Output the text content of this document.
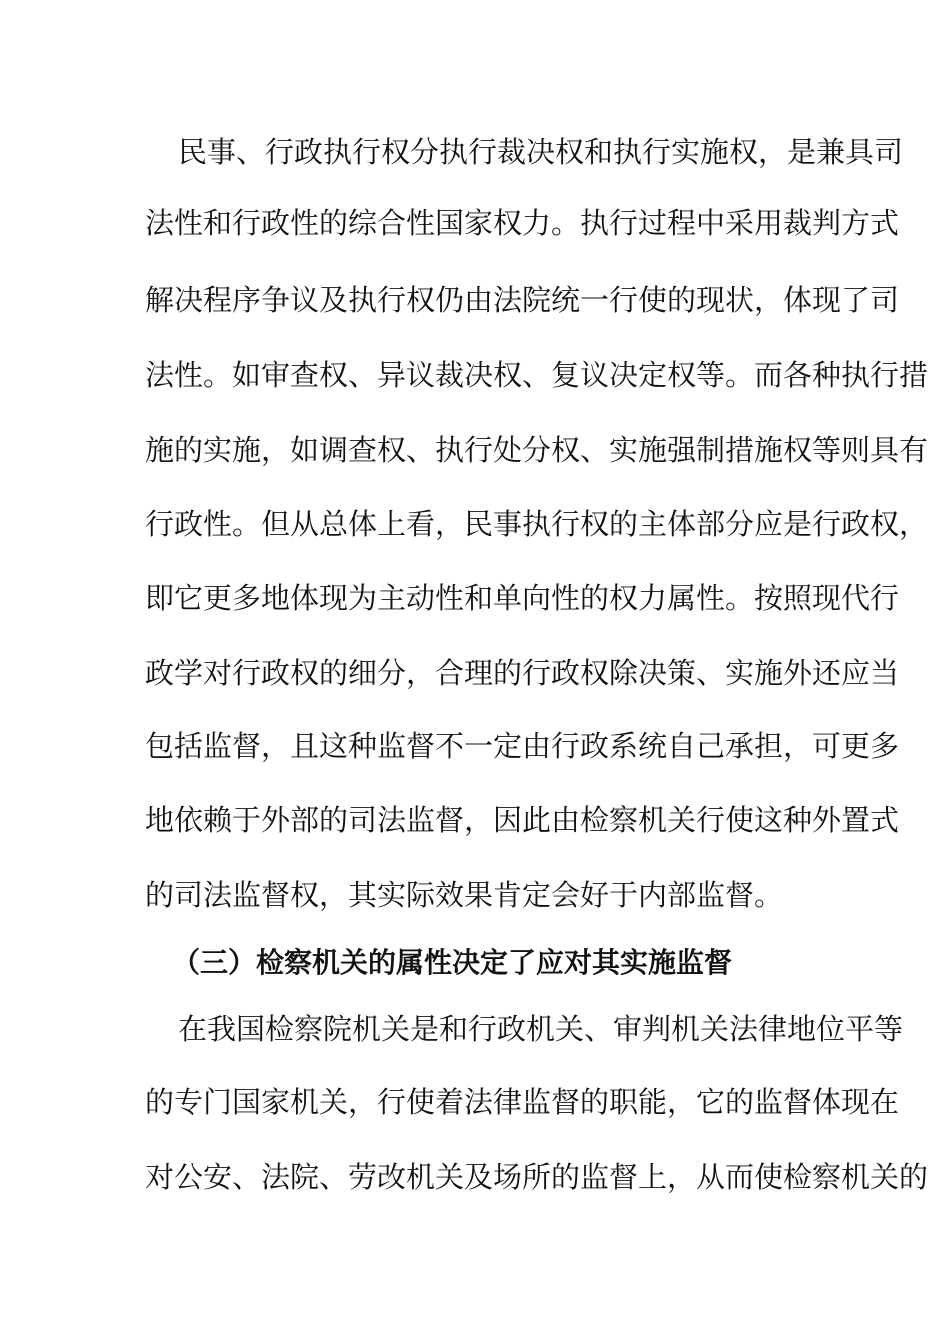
民事、行政执行权分执行裁决权和执行实施权，是兼具司
法性和行政性的综合性国家权力。执行过程中采用裁判方式
解决程序争议及执行权仍由法院统一行使的现状，体现了司
法性。如审查权、异议裁决权、复议决定权等。而各种执行措
施的实施，如调查权、执行处分权、实施强制措施权等则具有
行政性。但从总体上看，民事执行权的主体部分应是行政权，
即它更多地体现为主动性和单向性的权力属性。按照现代行
政学对行政权的细分，合理的行政权除决策、实施外还应当
包括监督，且这种监督不一定由行政系统自己承担，可更多
地依赖于外部的司法监督，因此由检察机关行使这种外置式
的司法监督权，其实际效果肯定会好于内部监督。
（三）检察机关的属性决定了应对其实施监督
在我国检察院机关是和行政机关、审判机关法律地位平等
的专门国家机关，行使着法律监督的职能，它的监督体现在
对公安、法院、劳改机关及场所的监督上，从而使检察机关的
